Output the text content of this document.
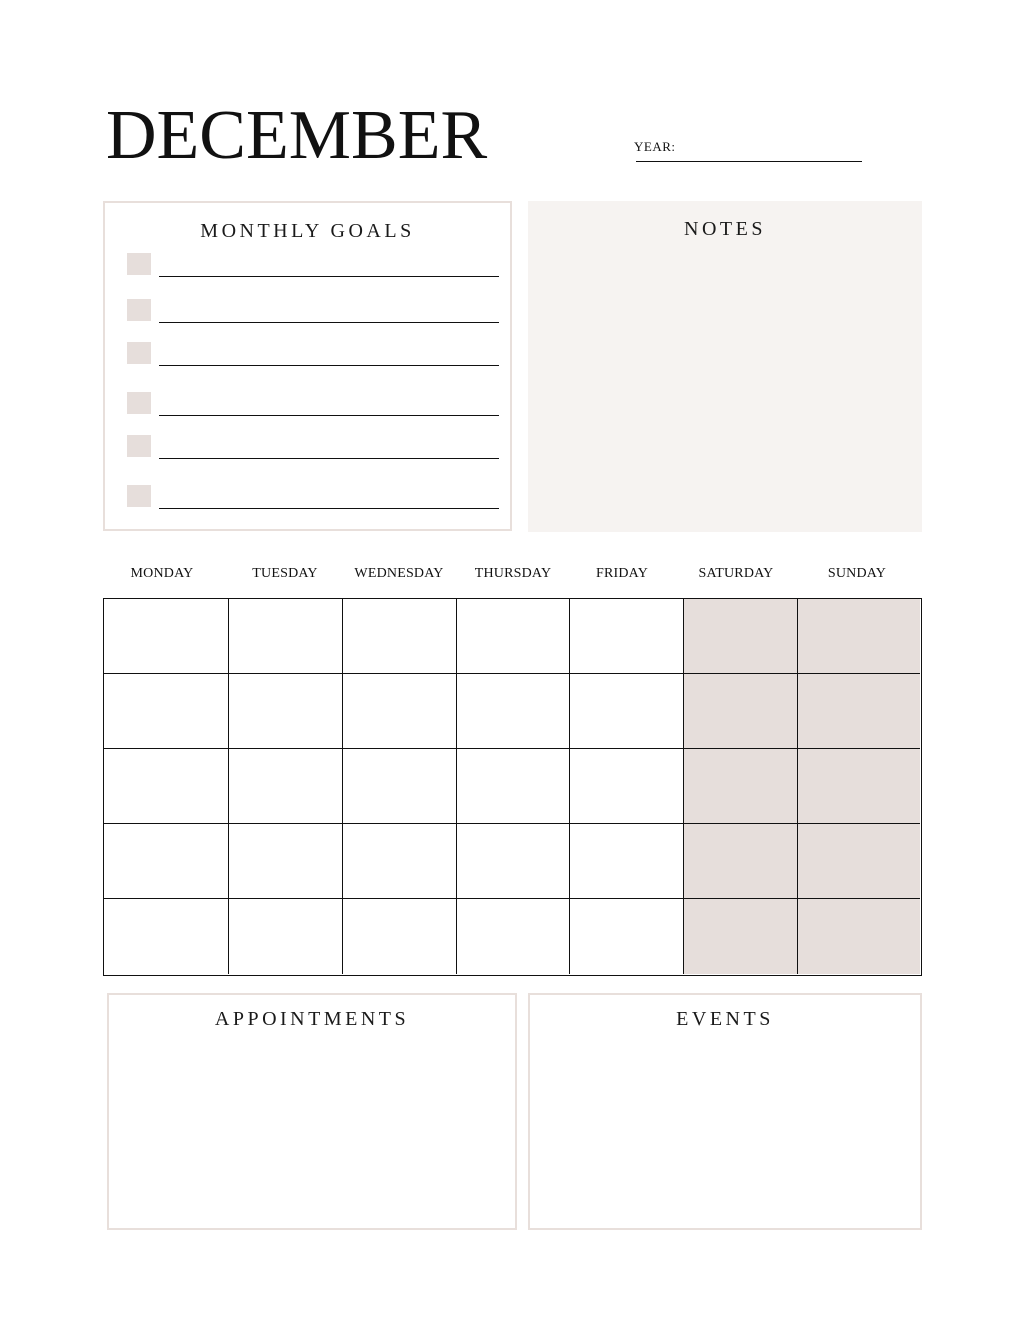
DECEMBER	YEAR:
MONTHLY GOALS	NOTES
MONDAY	TUESDAY	WEDNESDAY	THURSDAY	FRIDAY	SATURDAY	SUNDAY
APPOINTMENTS	EVENTS
